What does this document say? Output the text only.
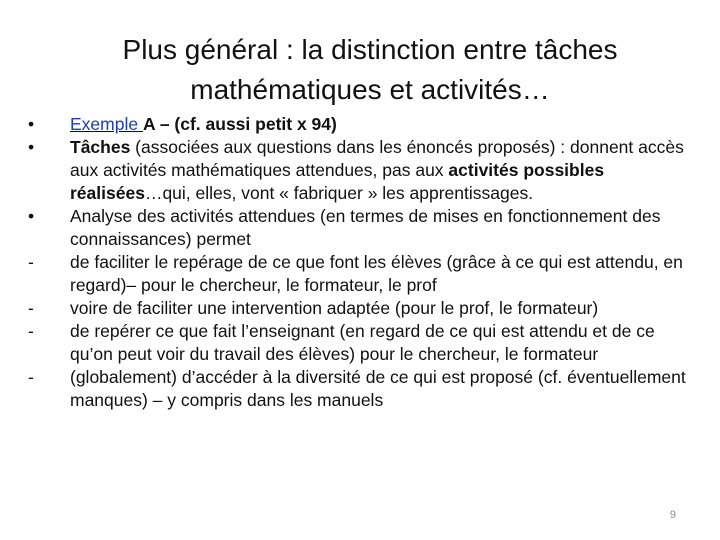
Plus général : la distinction entre tâches
mathématiques et activités…
•	Exemple A – (cf. aussi petit x 94)
•	Tâches (associées aux questions dans les énoncés proposés) : donnent accès aux activités mathématiques attendues, pas aux activités possibles réalisées…qui, elles, vont « fabriquer » les apprentissages.
•	Analyse des activités attendues (en termes de mises en fonctionnement des connaissances) permet
-	de faciliter le repérage de ce que font les élèves (grâce à ce qui est attendu, en regard)– pour le chercheur, le formateur, le prof
-	voire de faciliter une intervention adaptée (pour le prof, le formateur)
-	de repérer ce que fait l’enseignant (en regard de ce qui est attendu et de ce qu’on peut voir du travail des élèves) pour le chercheur, le formateur
-	(globalement) d’accéder à la diversité de ce qui est proposé (cf. éventuellement manques) – y compris dans les manuels
9
